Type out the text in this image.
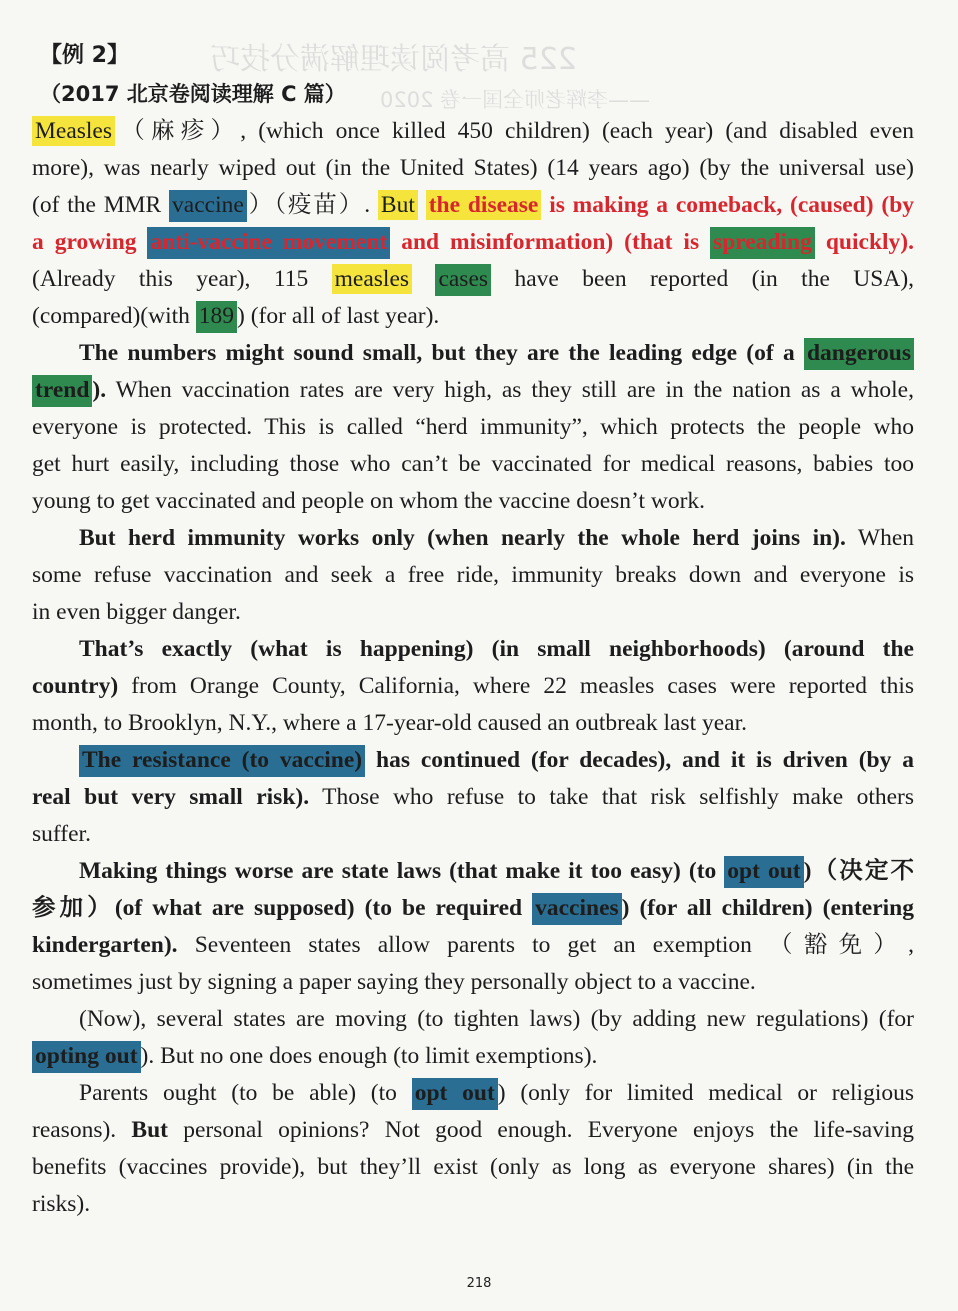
225 高考阅读理解满分技巧
——李辉老师全国一卷 2020
【例 2】
（2017 北京卷阅读理解 C 篇）
Measles （麻疹）, (which once killed 450 children) (each year) (and disabled even
more), was nearly wiped out (in the United States) (14 years ago) (by the universal use)
(of the MMR vaccine ）（疫苗）. But the disease is making a comeback, (caused) (by
a growing anti-vaccine movement and misinformation) (that is spreading quickly).
(Already this year), 115 measles cases have been reported (in the USA),
(compared)(with 189 ) (for all of last year).
  The numbers might sound small, but they are the leading edge (of a dangerous
trend ). When vaccination rates are very high, as they still are in the nation as a whole,
everyone is protected. This is called “herd immunity”, which protects the people who
get hurt easily, including those who can’t be vaccinated for medical reasons, babies too
young to get vaccinated and people on whom the vaccine doesn’t work.
  But herd immunity works only (when nearly the whole herd joins in). When
some refuse vaccination and seek a free ride, immunity breaks down and everyone is
in even bigger danger.
  That’s exactly (what is happening) (in small neighborhoods) (around the
country) from Orange County, California, where 22 measles cases were reported this
month, to Brooklyn, N.Y., where a 17-year-old caused an outbreak last year.
  The resistance (to vaccine) has continued (for decades), and it is driven (by a
real but very small risk). Those who refuse to take that risk selfishly make others
suffer.
  Making things worse are state laws (that make it too easy) (to opt out )（决定不
参加）(of what are supposed) (to be required vaccines ) (for all children) (entering
kindergarten). Seventeen states allow parents to get an exemption （豁免）,
sometimes just by signing a paper saying they personally object to a vaccine.
  (Now), several states are moving (to tighten laws) (by adding new regulations) (for
opting out ). But no one does enough (to limit exemptions).
  Parents ought (to be able) (to opt out ) (only for limited medical or religious
reasons). But personal opinions? Not good enough. Everyone enjoys the life-saving
benefits (vaccines provide), but they’ll exist (only as long as everyone shares) (in the
risks).
218
